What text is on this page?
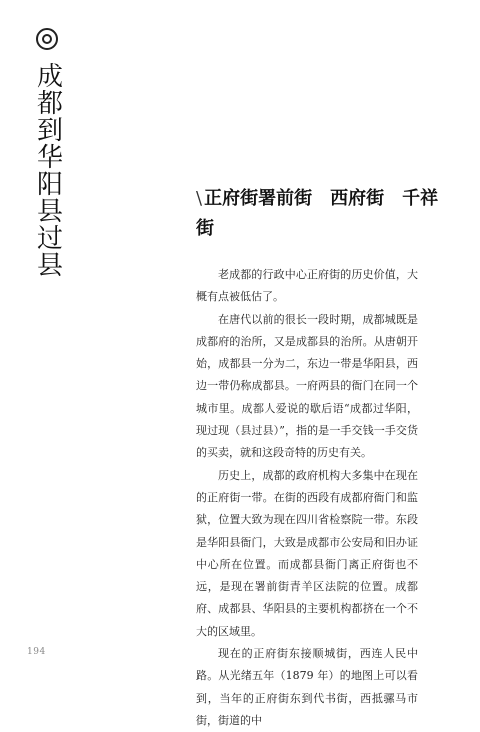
成都到华阳县过县	\ 正府街署前街　西府街　千祥街

老成都的行政中心正府街的历史价值，大概有点被低估了。

在唐代以前的很长一段时期，成都城既是成都府的治所，又是成都县的治所。从唐朝开始，成都县一分为二，东边一带是华阳县，西边一带仍称成都县。一府两县的衙门在同一个城市里。成都人爱说的歇后语“成都过华阳，现过现（县过县）”，指的是一手交钱一手交货的买卖，就和这段奇特的历史有关。

历史上，成都的政府机构大多集中在现在的正府街一带。在街的西段有成都府衙门和监狱，位置大致为现在四川省检察院一带。东段是华阳县衙门，大致是成都市公安局和旧办证中心所在位置。而成都县衙门离正府街也不远，是现在署前街青羊区法院的位置。成都府、成都县、华阳县的主要机构都挤在一个不大的区域里。

现在的正府街东接顺城街，西连人民中路。从光绪五年（1879 年）的地图上可以看到，当年的正府街东到代书街，西抵骡马市街，街道的中

194
